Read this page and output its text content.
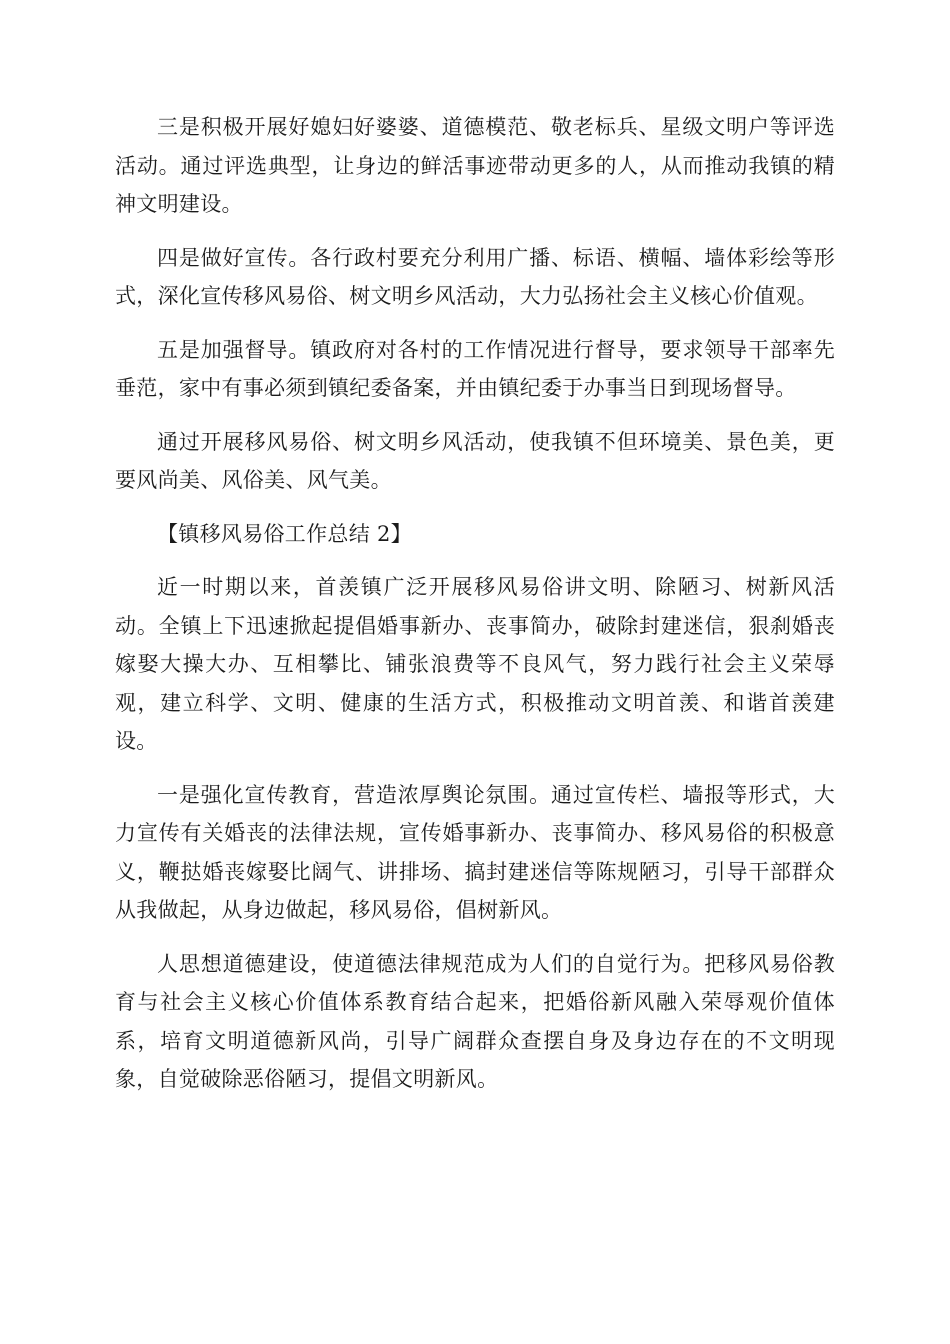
三是积极开展好媳妇好婆婆、道德模范、敬老标兵、星级文明户等评选活动。通过评选典型，让身边的鲜活事迹带动更多的人，从而推动我镇的精神文明建设。

四是做好宣传。各行政村要充分利用广播、标语、横幅、墙体彩绘等形式，深化宣传移风易俗、树文明乡风活动，大力弘扬社会主义核心价值观。

五是加强督导。镇政府对各村的工作情况进行督导，要求领导干部率先垂范，家中有事必须到镇纪委备案，并由镇纪委于办事当日到现场督导。

通过开展移风易俗、树文明乡风活动，使我镇不但环境美、景色美，更要风尚美、风俗美、风气美。

【镇移风易俗工作总结 2】

近一时期以来，首羡镇广泛开展移风易俗讲文明、除陋习、树新风活动。全镇上下迅速掀起提倡婚事新办、丧事简办，破除封建迷信，狠刹婚丧嫁娶大操大办、互相攀比、铺张浪费等不良风气，努力践行社会主义荣辱观，建立科学、文明、健康的生活方式，积极推动文明首羡、和谐首羡建设。

一是强化宣传教育，营造浓厚舆论氛围。通过宣传栏、墙报等形式，大力宣传有关婚丧的法律法规，宣传婚事新办、丧事简办、移风易俗的积极意义，鞭挞婚丧嫁娶比阔气、讲排场、搞封建迷信等陈规陋习，引导干部群众从我做起，从身边做起，移风易俗，倡树新风。

人思想道德建设，使道德法律规范成为人们的自觉行为。把移风易俗教育与社会主义核心价值体系教育结合起来，把婚俗新风融入荣辱观价值体系，培育文明道德新风尚，引导广阔群众查摆自身及身边存在的不文明现象，自觉破除恶俗陋习，提倡文明新风。
